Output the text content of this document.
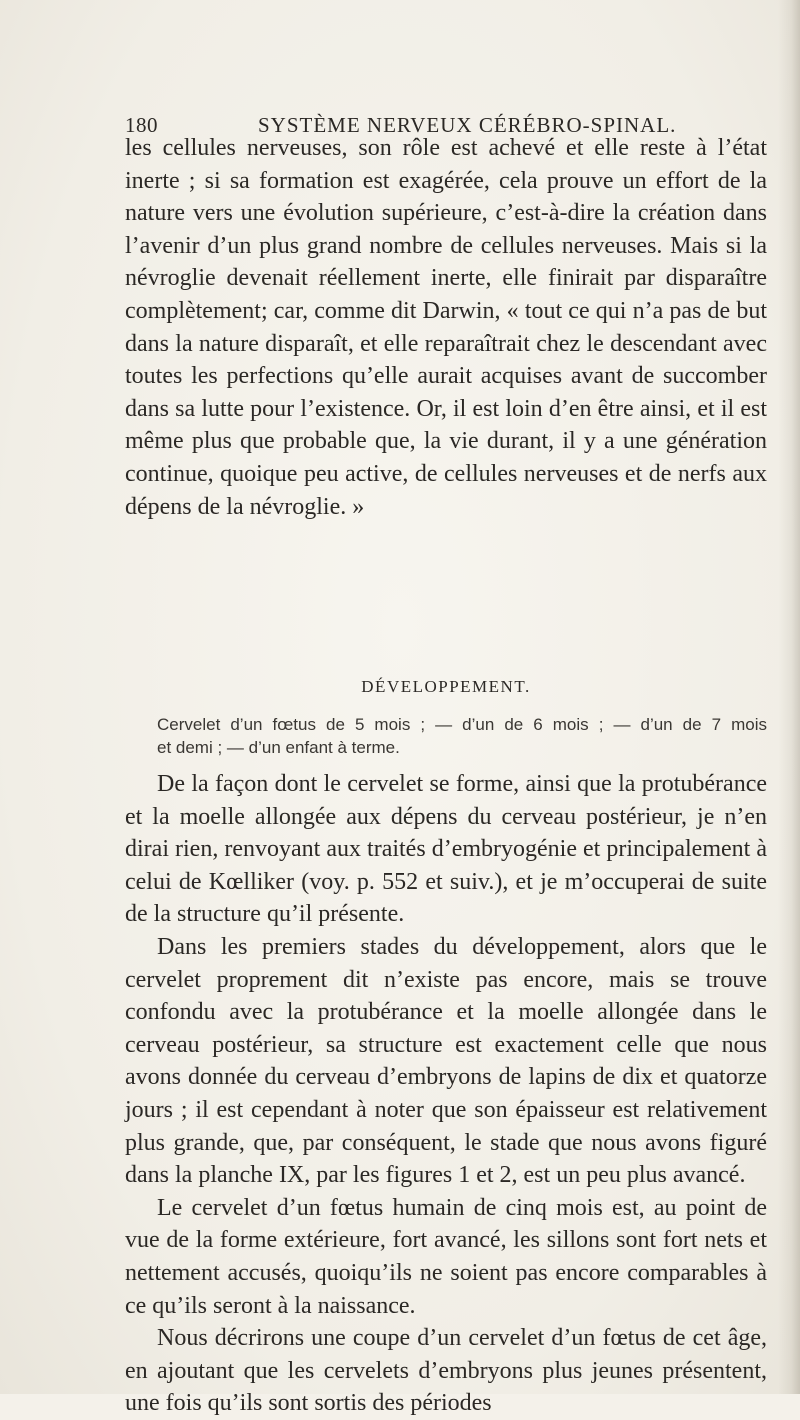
180	SYSTÈME NERVEUX CÉRÉBRO-SPINAL.

les cellules nerveuses, son rôle est achevé et elle reste à l’état inerte ; si sa formation est exagérée, cela prouve un effort de la nature vers une évolution supérieure, c’est-à-dire la création dans l’avenir d’un plus grand nombre de cellules nerveuses. Mais si la névroglie devenait réellement inerte, elle finirait par disparaître complètement; car, comme dit Darwin, « tout ce qui n’a pas de but dans la nature disparaît, et elle reparaîtrait chez le descendant avec toutes les perfections qu’elle aurait acquises avant de succomber dans sa lutte pour l’existence. Or, il est loin d’en être ainsi, et il est même plus que probable que, la vie durant, il y a une génération continue, quoique peu active, de cellules nerveuses et de nerfs aux dépens de la névroglie. »

DÉVELOPPEMENT.
Cervelet d’un fœtus de 5 mois ; — d’un de 6 mois ; — d’un de 7 mois
et demi ; — d’un enfant à terme.

De la façon dont le cervelet se forme, ainsi que la protubérance et la moelle allongée aux dépens du cerveau postérieur, je n’en dirai rien, renvoyant aux traités d’embryogénie et principalement à celui de Kœlliker (voy. p. 552 et suiv.), et je m’occuperai de suite de la structure qu’il présente.

Dans les premiers stades du développement, alors que le cervelet proprement dit n’existe pas encore, mais se trouve confondu avec la protubérance et la moelle allongée dans le cerveau postérieur, sa structure est exactement celle que nous avons donnée du cerveau d’embryons de lapins de dix et quatorze jours ; il est cependant à noter que son épaisseur est relativement plus grande, que, par conséquent, le stade que nous avons figuré dans la planche IX, par les figures 1 et 2, est un peu plus avancé.

Le cervelet d’un fœtus humain de cinq mois est, au point de vue de la forme extérieure, fort avancé, les sillons sont fort nets et nettement accusés, quoiqu’ils ne soient pas encore comparables à ce qu’ils seront à la naissance.

Nous décrirons une coupe d’un cervelet d’un fœtus de cet âge, en ajoutant que les cervelets d’embryons plus jeunes présentent, une fois qu’ils sont sortis des périodes
